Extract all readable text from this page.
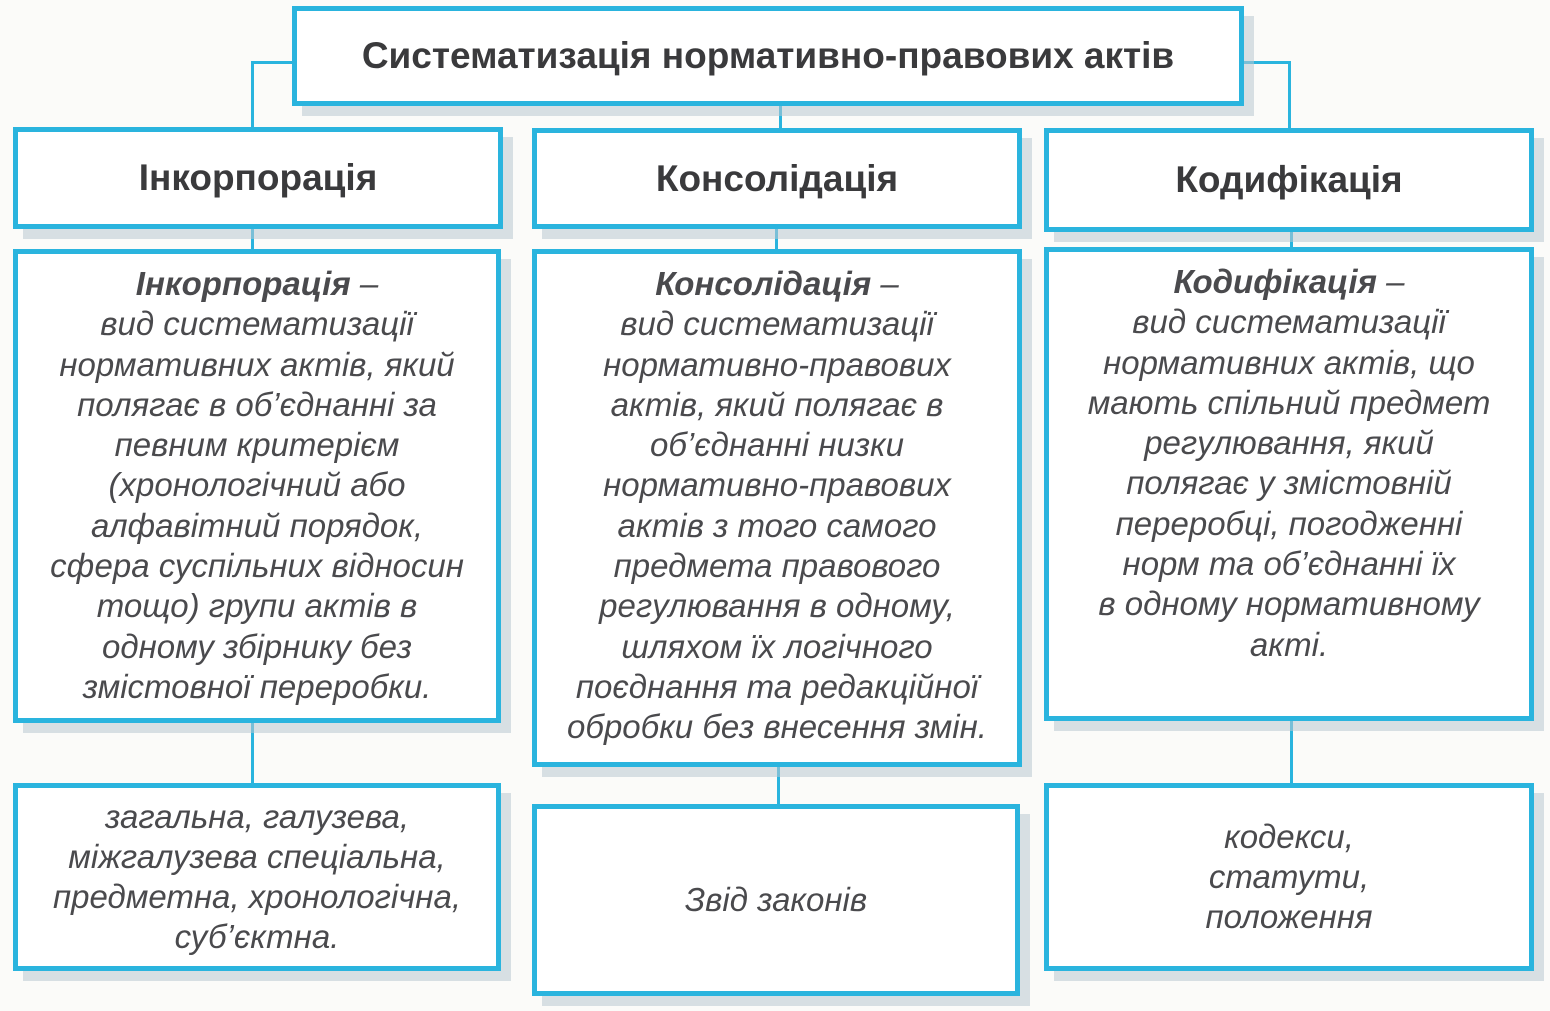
Систематизація нормативно-правових актів
Інкорпорація
Інкорпорація –
вид систематизації
нормативних актів, який
полягає в об’єднанні за
певним критерієм
(хронологічний або
алфавітний порядок,
сфера суспільних відносин
тощо) групи актів в
одному збірнику без
змістовної переробки.
загальна, галузева,
міжгалузева спеціальна,
предметна, хронологічна,
суб’єктна.
Консолідація
Консолідація –
вид систематизації
нормативно-правових
актів, який полягає в
об’єднанні низки
нормативно-правових
актів з того самого
предмета правового
регулювання в одному,
шляхом їх логічного
поєднання та редакційної
обробки без внесення змін.
Звід законів
Кодифікація
Кодифікація –
вид систематизації
нормативних актів, що
мають спільний предмет
регулювання, який
полягає у змістовній
переробці, погодженні
норм та об’єднанні їх
в одному нормативному
акті.
кодекси,
статути,
положення
